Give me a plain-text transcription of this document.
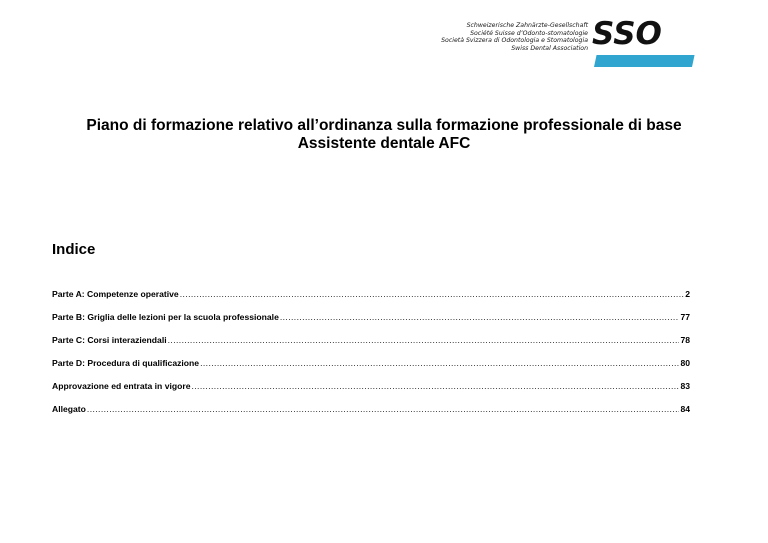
Schweizerische Zahnärzte-Gesellschaft
Société Suisse d’Odonto-stomatologie
Società Svizzera di Odontologia e Stomatologia
Swiss Dental Association SSO
Piano di formazione relativo all’ordinanza sulla formazione professionale di base
Assistente dentale AFC
Indice
Parte A: Competenze operative .....	2
Parte B: Griglia delle lezioni per la scuola professionale .....	77
Parte C: Corsi interaziendali .....	78
Parte D: Procedura di qualificazione .....	80
Approvazione ed entrata in vigore .....	83
Allegato .....	84
